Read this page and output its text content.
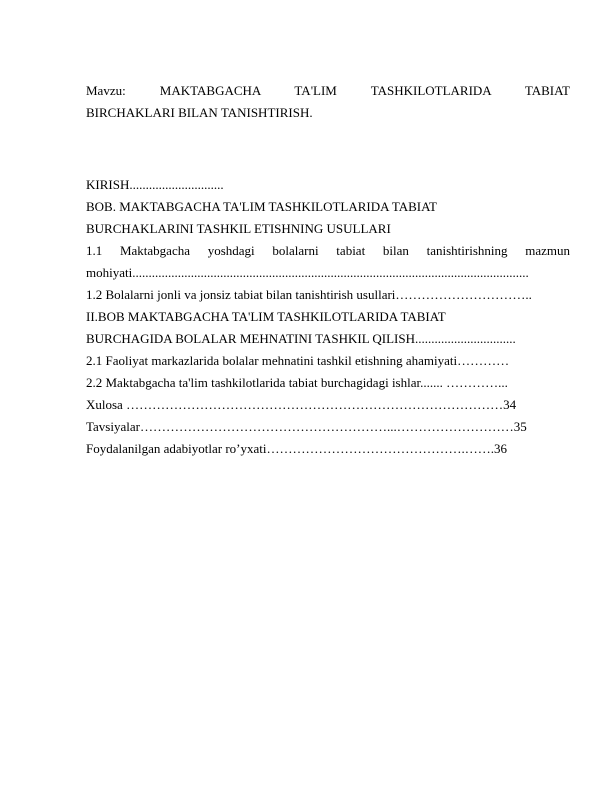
Mavzu: MAKTABGACHA TA'LIM TASHKILOTLARIDA TABIAT
BIRCHAKLARI BILAN TANISHTIRISH.
KIRISH.............................
BOB. MAKTABGACHA TA'LIM TASHKILOTLARIDA TABIAT
BURCHAKLARINI TASHKIL ETISHNING USULLARI
1.1 Maktabgacha yoshdagi bolalarni tabiat bilan tanishtirishning mazmun
mohiyati..........................................................................................................................
1.2 Bolalarni jonli va jonsiz tabiat bilan tanishtirish usullari…………………………..
II.BOB MAKTABGACHA TA'LIM TASHKILOTLARIDA TABIAT
BURCHAGIDA BOLALAR MEHNATINI TASHKIL QILISH...............................
2.1 Faoliyat markazlarida bolalar mehnatini tashkil etishning ahamiyati…………
2.2 Maktabgacha ta'lim tashkilotlarida tabiat burchagidagi ishlar....... …………...
Xulosa ……………………………………………………………………………34
Tavsiyalar…………………………………………………...………………………35
Foydalanilgan adabiyotlar ro’yxati……………………………………….…….36
